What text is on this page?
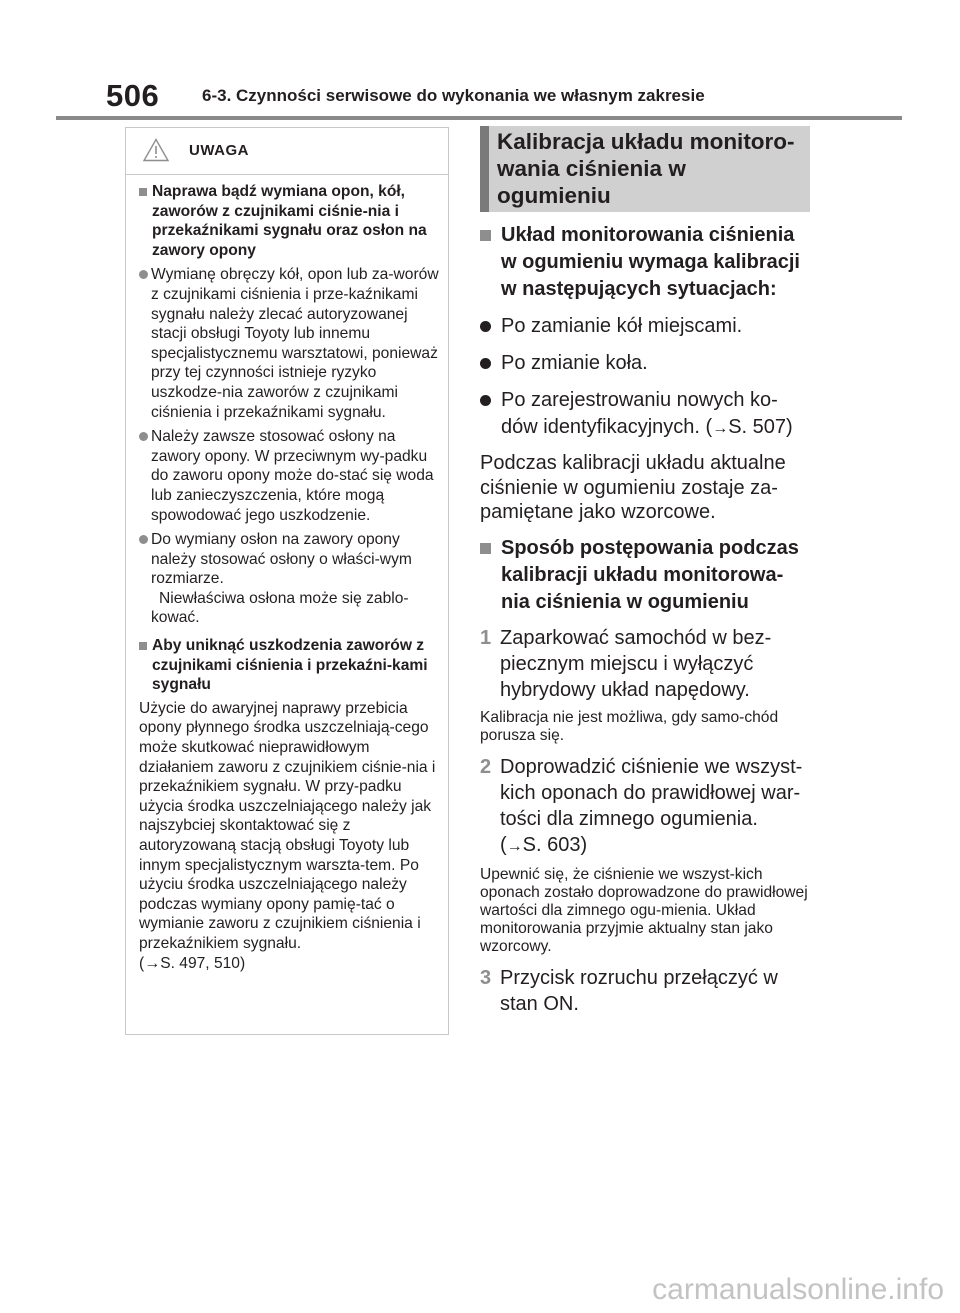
506	6-3. Czynności serwisowe do wykonania we własnym zakresie
UWAGA
Naprawa bądź wymiana opon, kół, zaworów z czujnikami ciśnie-nia i przekaźnikami sygnału oraz osłon na zawory opony
Wymianę obręczy kół, opon lub za-worów z czujnikami ciśnienia i prze-kaźnikami sygnału należy zlecać autoryzowanej stacji obsługi Toyoty lub innemu specjalistycznemu warsztatowi, ponieważ przy tej czynności istnieje ryzyko uszkodze-nia zaworów z czujnikami ciśnienia i przekaźnikami sygnału.
Należy zawsze stosować osłony na zawory opony. W przeciwnym wy-padku do zaworu opony może do-stać się woda lub zanieczyszczenia, które mogą spowodować jego uszkodzenie.
Do wymiany osłon na zawory opony należy stosować osłony o właści-wym rozmiarze.
Niewłaściwa osłona może się zablo-kować.
Aby uniknąć uszkodzenia zaworów z czujnikami ciśnienia i przekaźni-kami sygnału
Użycie do awaryjnej naprawy przebicia opony płynnego środka uszczelniają-cego może skutkować nieprawidłowym działaniem zaworu z czujnikiem ciśnie-nia i przekaźnikiem sygnału. W przy-padku użycia środka uszczelniającego należy jak najszybciej skontaktować się z autoryzowaną stacją obsługi Toyoty lub innym specjalistycznym warszta-tem. Po użyciu środka uszczelniającego należy podczas wymiany opony pamię-tać o wymianie zaworu z czujnikiem ciśnienia i przekaźnikiem sygnału.
(→S. 497, 510)
Kalibracja układu monitoro-wania ciśnienia w ogumieniu
Układ monitorowania ciśnienia w ogumieniu wymaga kalibracji w następujących sytuacjach:
Po zamianie kół miejscami.
Po zmianie koła.
Po zarejestrowaniu nowych ko-dów identyfikacyjnych. (→S. 507)
Podczas kalibracji układu aktualne ciśnienie w ogumieniu zostaje za-pamiętane jako wzorcowe.
Sposób postępowania podczas kalibracji układu monitorowa-nia ciśnienia w ogumieniu
1 Zaparkować samochód w bez-piecznym miejscu i wyłączyć hybrydowy układ napędowy.
Kalibracja nie jest możliwa, gdy samo-chód porusza się.
2 Doprowadzić ciśnienie we wszyst-kich oponach do prawidłowej war-tości dla zimnego ogumienia.
(→S. 603)
Upewnić się, że ciśnienie we wszyst-kich oponach zostało doprowadzone do prawidłowej wartości dla zimnego ogu-mienia. Układ monitorowania przyjmie aktualny stan jako wzorcowy.
3 Przycisk rozruchu przełączyć w stan ON.
carmanualsonline.info
